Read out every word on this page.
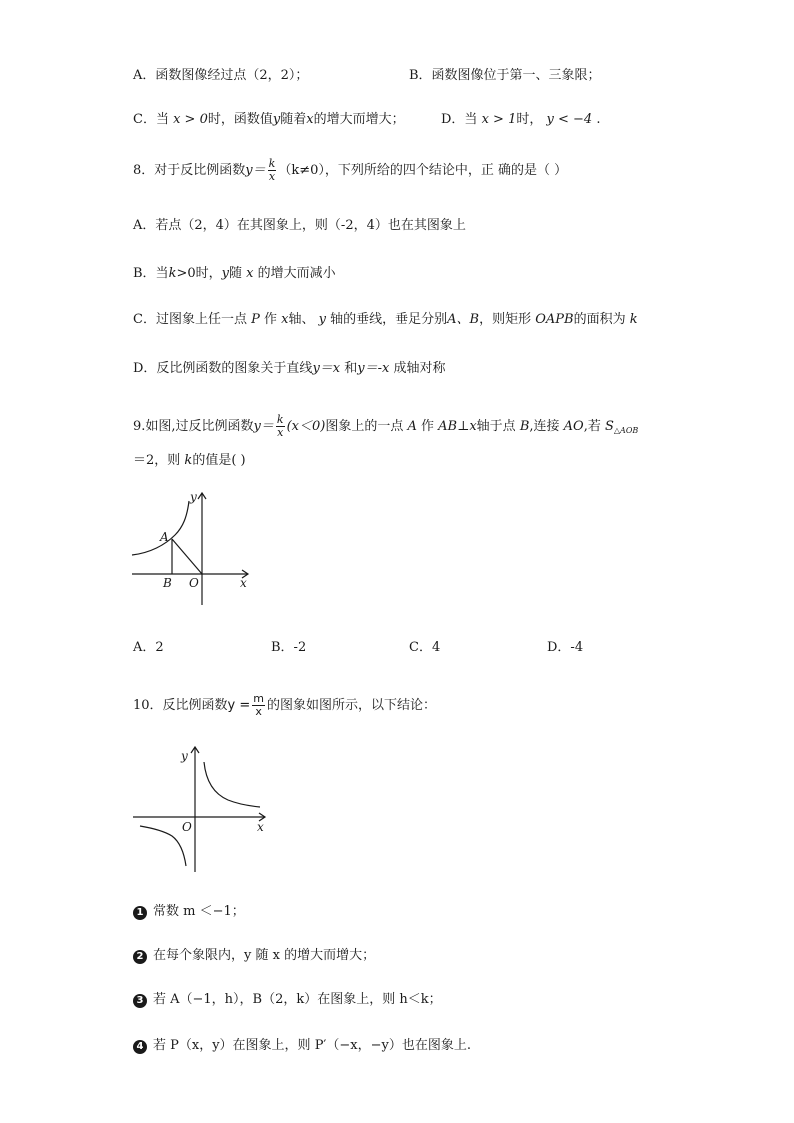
A．函数图像经过点（2，2）；	B．函数图像位于第一、三象限；
C．当 x > 0时，函数值y随着x的增大而增大；	D．当 x > 1时， y < −4 .
8．对于反比例函数$y= \frac{k}{x} (k\ne 0)$，下列所给的四个结论中，正 确的是（ ）
A．若点（2，4）在其图象上，则（-2，4）也在其图象上
B．当k>0时，y随 x 的增大而减小
C．过图象上任一点 P 作 x轴、 y 轴的垂线，垂足分别A、B，则矩形 OAPB的面积为 k
D．反比例函数的图象关于直线y＝x 和y＝-x 成轴对称
9.如图,过反比例函数$y= \frac{k}{x} (x<0)$图象上的一点 A 作 AB⊥x轴于点 B,连接 AO,若 $S_{\triangle AOB}$
＝2，则 k的值是( )
y
x
A
B O
A．2	B．-2	C．4	D．-4
10．反比例函数$y = \frac{m}{x}$ 的图象如图所示，以下结论：
y
x
O
1 常数 m ＜−1；
2 在每个象限内，y 随 x 的增大而增大；
3 若 A（−1，h），B（2，k）在图象上，则 h＜k；
4 若 P（x，y）在图象上，则 P′（−x，−y）也在图象上.
